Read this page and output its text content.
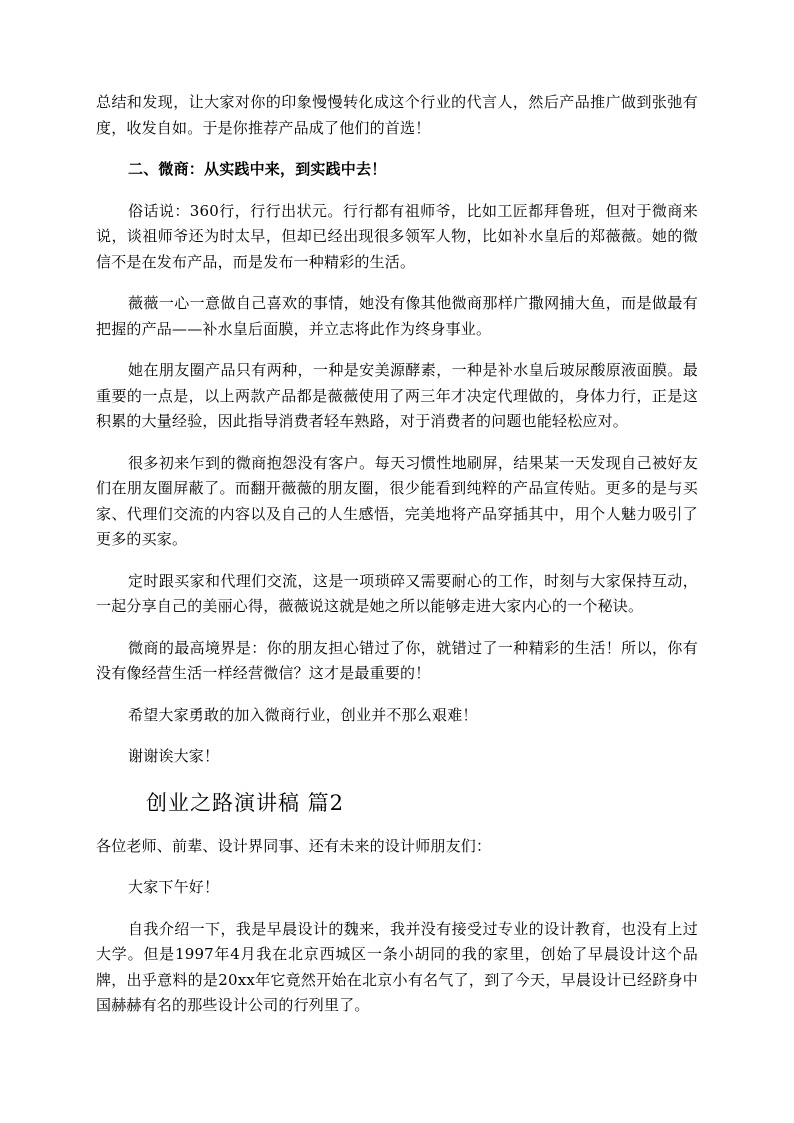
总结和发现，让大家对你的印象慢慢转化成这个行业的代言人，然后产品推广做到张弛有度，收发自如。于是你推荐产品成了他们的首选！

二、微商：从实践中来，到实践中去！

俗话说：360行，行行出状元。行行都有祖师爷，比如工匠都拜鲁班，但对于微商来说，谈祖师爷还为时太早，但却已经出现很多领军人物，比如补水皇后的郑薇薇。她的微信不是在发布产品，而是发布一种精彩的生活。

薇薇一心一意做自己喜欢的事情，她没有像其他微商那样广撒网捕大鱼，而是做最有把握的产品——补水皇后面膜，并立志将此作为终身事业。

她在朋友圈产品只有两种，一种是安美源酵素，一种是补水皇后玻尿酸原液面膜。最重要的一点是，以上两款产品都是薇薇使用了两三年才决定代理做的，身体力行，正是这积累的大量经验，因此指导消费者轻车熟路，对于消费者的问题也能轻松应对。

很多初来乍到的微商抱怨没有客户。每天习惯性地刷屏，结果某一天发现自己被好友们在朋友圈屏蔽了。而翻开薇薇的朋友圈，很少能看到纯粹的产品宣传贴。更多的是与买家、代理们交流的内容以及自己的人生感悟，完美地将产品穿插其中，用个人魅力吸引了更多的买家。

定时跟买家和代理们交流，这是一项琐碎又需要耐心的工作，时刻与大家保持互动，一起分享自己的美丽心得，薇薇说这就是她之所以能够走进大家内心的一个秘诀。

微商的最高境界是：你的朋友担心错过了你，就错过了一种精彩的生活！所以，你有没有像经营生活一样经营微信？这才是最重要的！

希望大家勇敢的加入微商行业，创业并不那么艰难！

谢谢诶大家！

创业之路演讲稿 篇2

各位老师、前辈、设计界同事、还有未来的设计师朋友们：

大家下午好！

自我介绍一下，我是早晨设计的魏来，我并没有接受过专业的设计教育，也没有上过大学。但是1997年4月我在北京西城区一条小胡同的我的家里，创始了早晨设计这个品牌，出乎意料的是20xx年它竟然开始在北京小有名气了，到了今天，早晨设计已经跻身中国赫赫有名的那些设计公司的行列里了。
